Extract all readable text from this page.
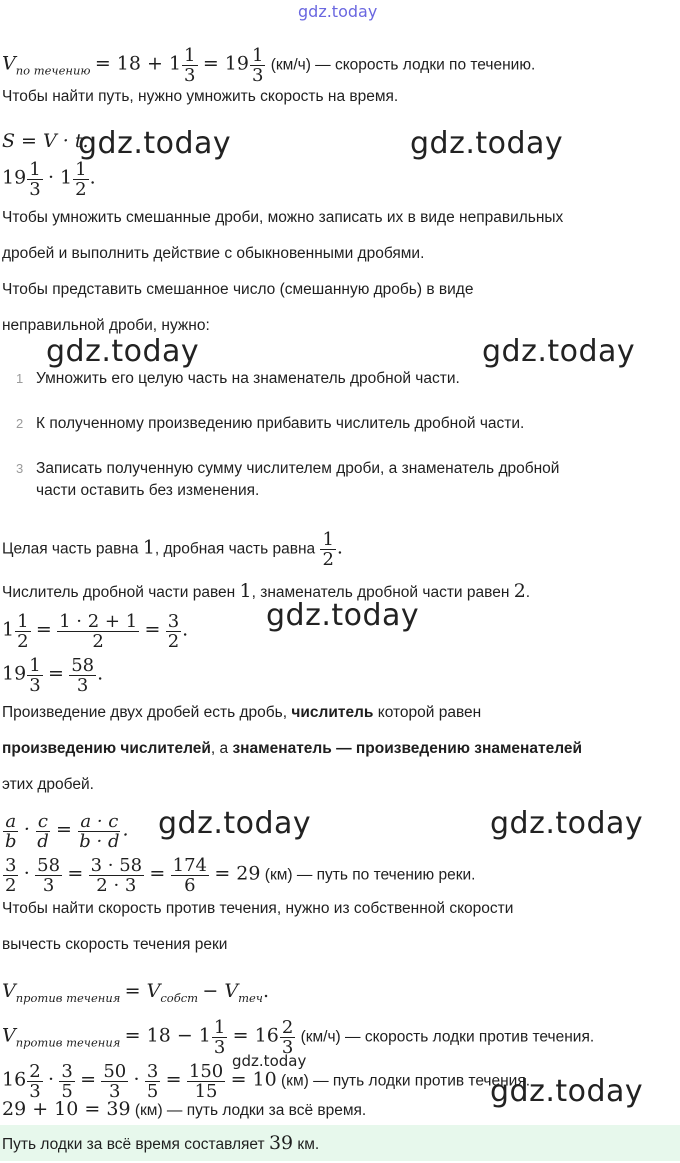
gdz.today
$V_{по течению} = 18 + 1 \frac{1}{3} = 19 \frac{1}{3} (км/ч)$ — скорость лодки по течению.
Чтобы найти путь, нужно умножить скорость на время.
S = V · t.
$19 \frac{1}{3} \cdot 1 \frac{1}{2}$ .
Чтобы умножить смешанные дроби, можно записать их в виде неправильных
дробей и выполнить действие с обыкновенными дробями.
Чтобы представить смешанное число (смешанную дробь) в виде
неправильной дроби, нужно:
1 Умножить его целую часть на знаменатель дробной части.
2 К полученному произведению прибавить числитель дробной части.
3 Записать полученную сумму числителем дроби, а знаменатель дробной
части оставить без изменения.
Целая часть равна 1, дробная часть равна $\frac{1}{2}$ .
Числитель дробной части равен 1, знаменатель дробной части равен 2.
$1 \frac{1}{2} = \frac{1 \cdot 2 + 1}{2} = \frac{3}{2}$ .
$19 \frac{1}{3} = \frac{58}{3}$ .
Произведение двух дробей есть дробь, числитель которой равен
произведению числителей, а знаменатель — произведению знаменателей
этих дробей.
$\frac{a}{b} \cdot \frac{c}{d} = \frac{a \cdot c}{b \cdot d}$ .
$\frac{3}{2} \cdot \frac{58}{3} = \frac{3 \cdot 58}{2 \cdot 3} = \frac{174}{6} = 29$ (км) — путь по течению реки.
Чтобы найти скорость против течения, нужно из собственной скорости
вычесть скорость течения реки
$V_{против течения} = V_{собст} - V_{теч}$.
$V_{против течения} = 18 - 1 \frac{1}{3} = 16 \frac{2}{3} (км/ч)$ — скорость лодки против течения.
$16 \frac{2}{3} \cdot \frac{3}{5} = \frac{50}{3} \cdot \frac{3}{5} = \frac{150}{15} = 10$ (км) — путь лодки против течения.
29 + 10 = 39 (км) — путь лодки за всё время.
Путь лодки за всё время составляет 39 км.
gdz.today	gdz.today
gdz.today	gdz.today
gdz.today
gdz.today	gdz.today
gdz.today
gdz.today
